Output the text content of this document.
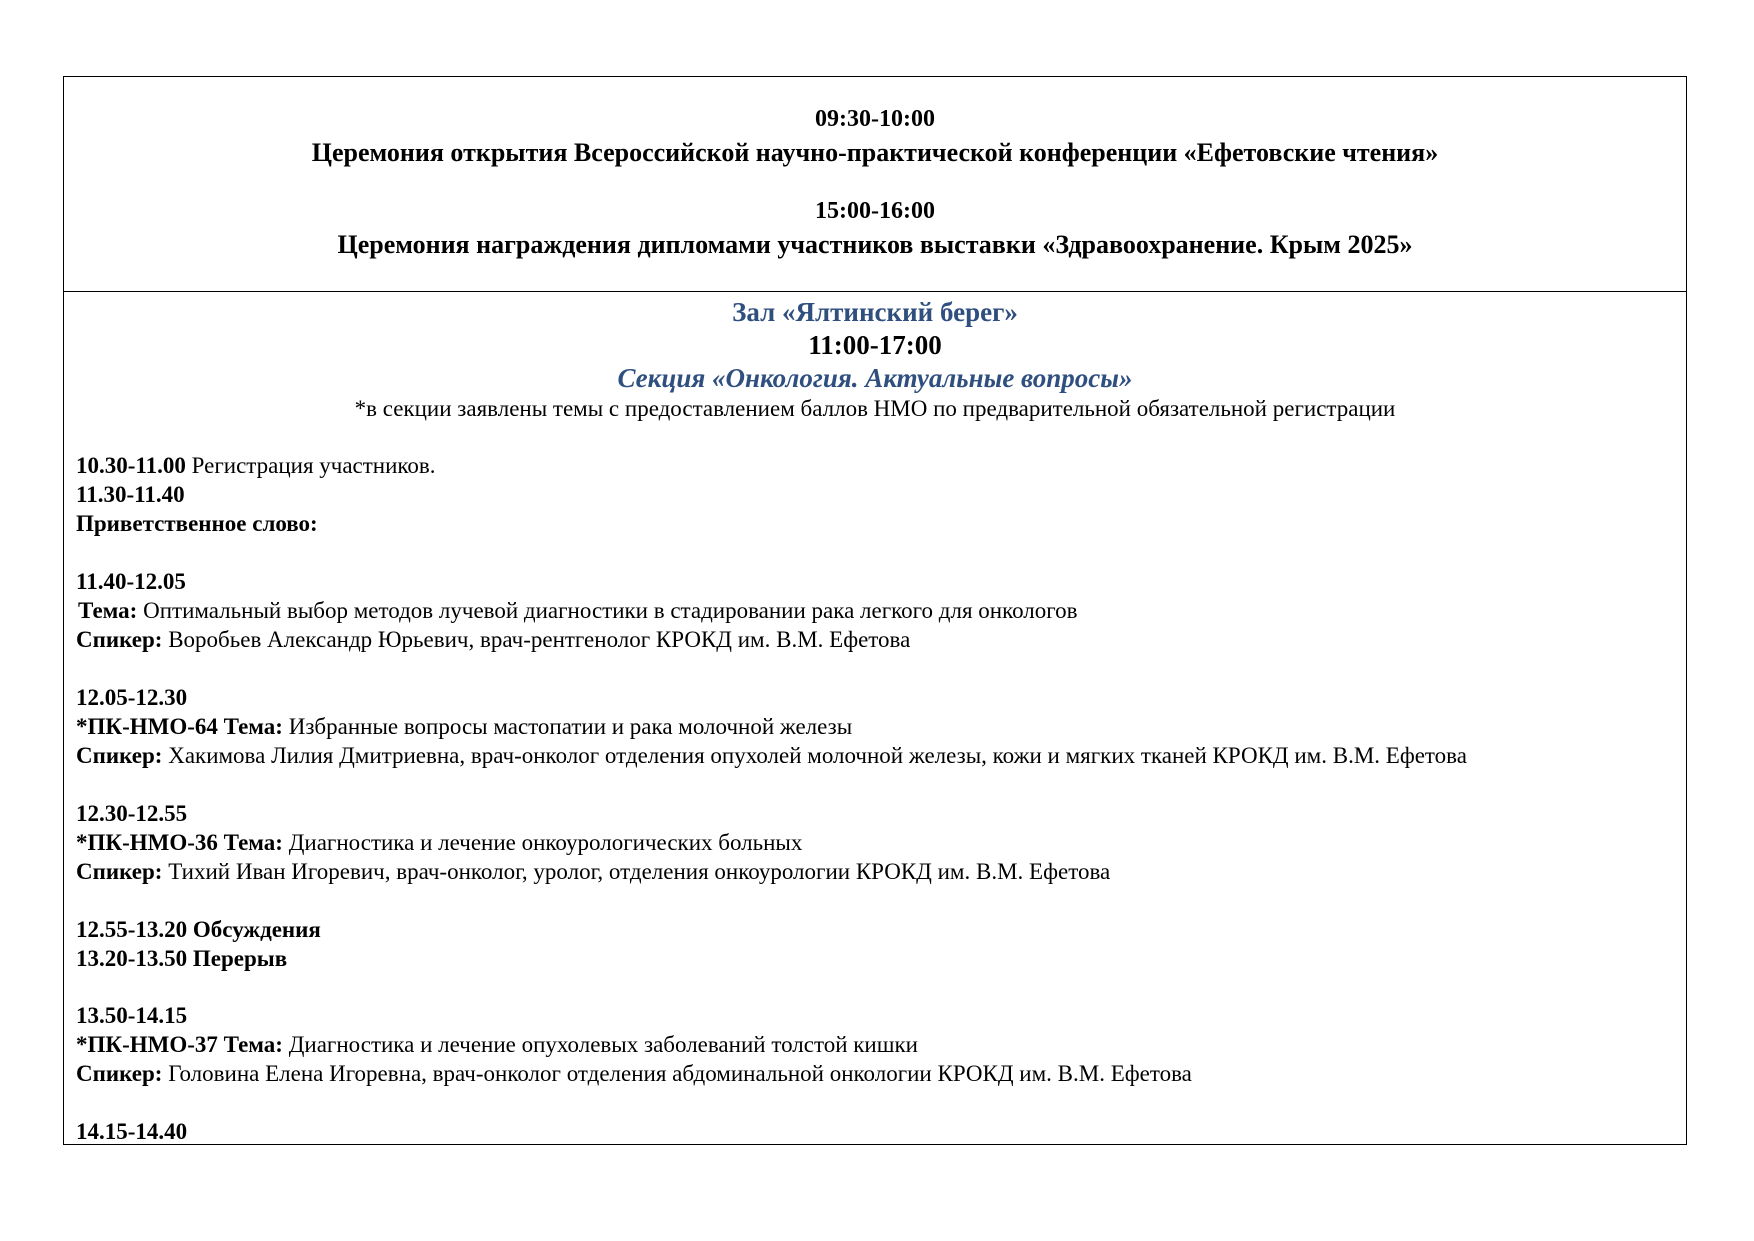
09:30-10:00
Церемония открытия Всероссийской научно-практической конференции «Ефетовские чтения»
15:00-16:00
Церемония награждения дипломами участников выставки «Здравоохранение. Крым 2025»
Зал «Ялтинский берег»
11:00-17:00
Секция «Онкология. Актуальные вопросы»
*в секции заявлены темы с предоставлением баллов НМО по предварительной обязательной регистрации
10.30-11.00 Регистрация участников.
11.30-11.40
Приветственное слово:
11.40-12.05
Тема: Оптимальный выбор методов лучевой диагностики в стадировании рака легкого для онкологов
Спикер: Воробьев Александр Юрьевич, врач-рентгенолог КРОКД им. В.М. Ефетова
12.05-12.30
*ПК-НМО-64 Тема: Избранные вопросы мастопатии и рака молочной железы
Спикер: Хакимова Лилия Дмитриевна, врач-онколог отделения опухолей молочной железы, кожи и мягких тканей КРОКД им. В.М. Ефетова
12.30-12.55
*ПК-НМО-36 Тема: Диагностика и лечение онкоурологических больных
Спикер: Тихий Иван Игоревич, врач-онколог, уролог, отделения онкоурологии КРОКД им. В.М. Ефетова
12.55-13.20 Обсуждения
13.20-13.50 Перерыв
13.50-14.15
*ПК-НМО-37 Тема: Диагностика и лечение опухолевых заболеваний толстой кишки
Спикер: Головина Елена Игоревна, врач-онколог отделения абдоминальной онкологии КРОКД им. В.М. Ефетова
14.15-14.40
